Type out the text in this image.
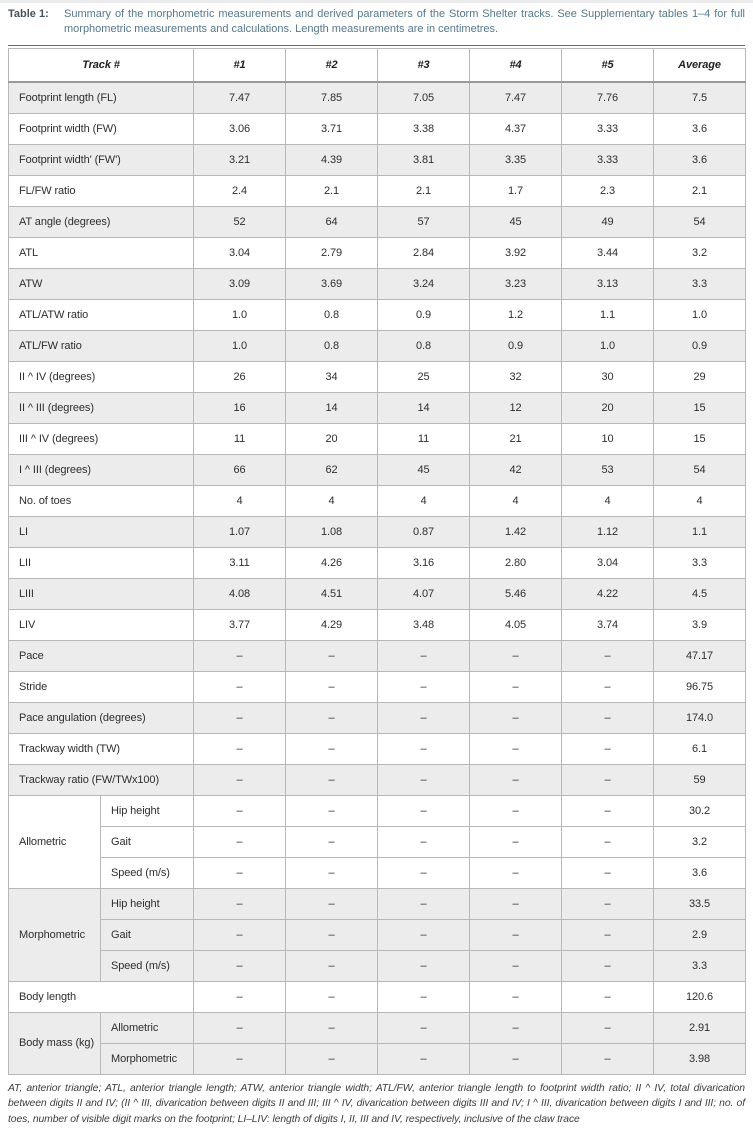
Table 1:	Summary of the morphometric measurements and derived parameters of the Storm Shelter tracks. See Supplementary tables 1–4 for full morphometric measurements and calculations. Length measurements are in centimetres.
Track #		#1	#2	#3	#4	#5	Average
Footprint length (FL)		7.47	7.85	7.05	7.47	7.76	7.5
Footprint width (FW)		3.06	3.71	3.38	4.37	3.33	3.6
Footprint width' (FW')		3.21	4.39	3.81	3.35	3.33	3.6
FL/FW ratio		2.4	2.1	2.1	1.7	2.3	2.1
AT angle (degrees)		52	64	57	45	49	54
ATL		3.04	2.79	2.84	3.92	3.44	3.2
ATW		3.09	3.69	3.24	3.23	3.13	3.3
ATL/ATW ratio		1.0	0.8	0.9	1.2	1.1	1.0
ATL/FW ratio		1.0	0.8	0.8	0.9	1.0	0.9
II ^ IV (degrees)		26	34	25	32	30	29
II ^ III (degrees)		16	14	14	12	20	15
III ^ IV (degrees)		11	20	11	21	10	15
I ^ III (degrees)		66	62	45	42	53	54
No. of toes		4	4	4	4	4	4
LI		1.07	1.08	0.87	1.42	1.12	1.1
LII		3.11	4.26	3.16	2.80	3.04	3.3
LIII		4.08	4.51	4.07	5.46	4.22	4.5
LIV		3.77	4.29	3.48	4.05	3.74	3.9
Pace		–	–	–	–	–	47.17
Stride		–	–	–	–	–	96.75
Pace angulation (degrees)		–	–	–	–	–	174.0
Trackway width (TW)		–	–	–	–	–	6.1
Trackway ratio (FW/TWx100)		–	–	–	–	–	59
Allometric	Hip height	–	–	–	–	–	30.2
	Gait	–	–	–	–	–	3.2
	Speed (m/s)	–	–	–	–	–	3.6
Morphometric	Hip height	–	–	–	–	–	33.5
	Gait	–	–	–	–	–	2.9
	Speed (m/s)	–	–	–	–	–	3.3
Body length		–	–	–	–	–	120.6
Body mass (kg)	Allometric	–	–	–	–	–	2.91
	Morphometric	–	–	–	–	–	3.98
AT, anterior triangle; ATL, anterior triangle length; ATW, anterior triangle width; ATL/FW, anterior triangle length to footprint width ratio; II ^ IV, total divarication between digits II and IV; (II ^ III, divarication between digits II and III; III ^ IV, divarication between digits III and IV; I ^ III, divarication between digits I and III; no. of toes, number of visible digit marks on the footprint; LI–LIV: length of digits I, II, III and IV, respectively, inclusive of the claw trace
